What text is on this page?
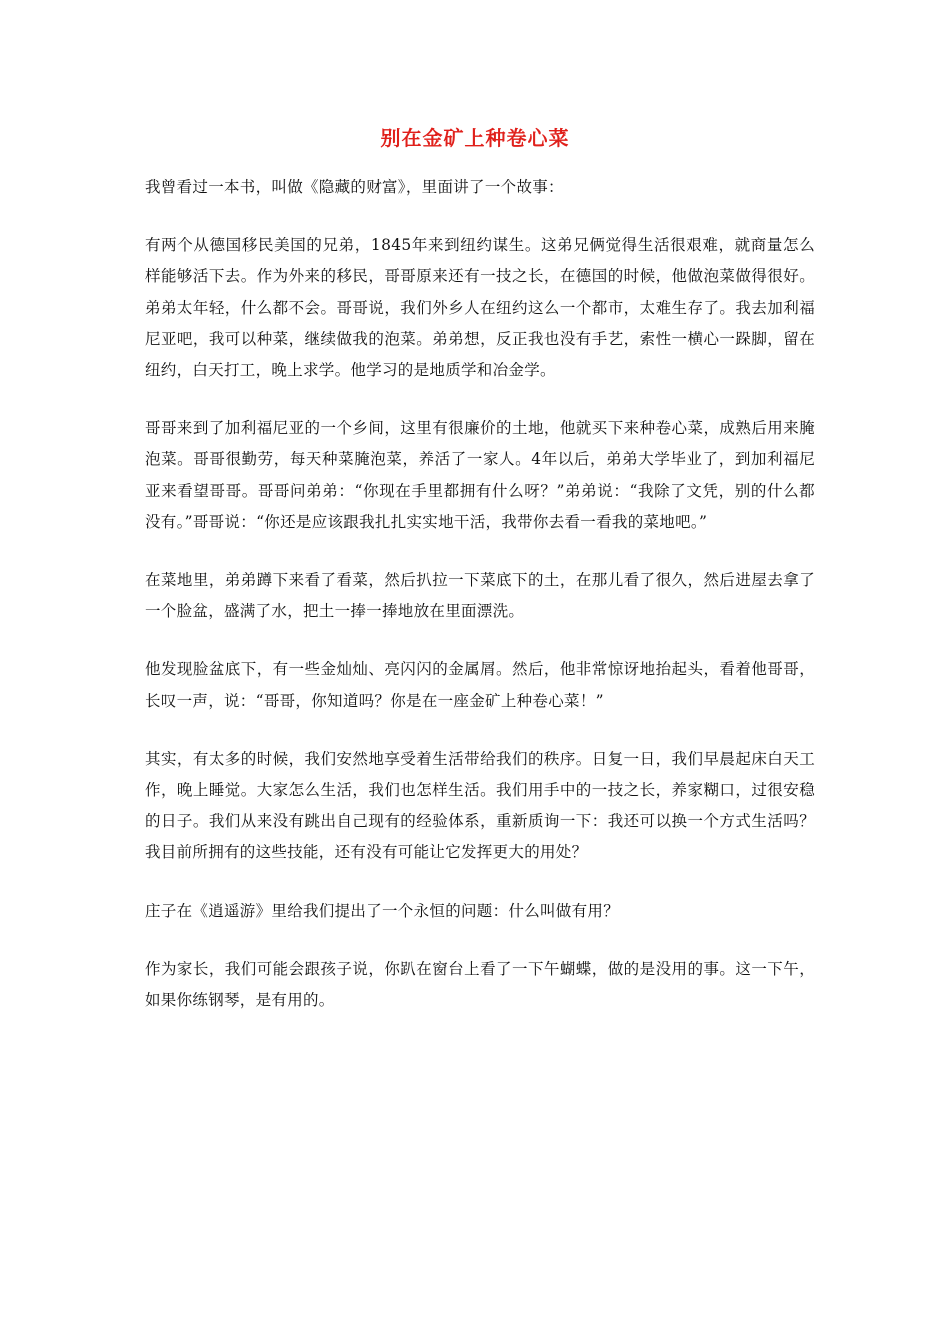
别在金矿上种卷心菜

我曾看过一本书，叫做《隐藏的财富》，里面讲了一个故事：

有两个从德国移民美国的兄弟，1845年来到纽约谋生。这弟兄俩觉得生活很艰难，就商量怎么样能够活下去。作为外来的移民，哥哥原来还有一技之长，在德国的时候，他做泡菜做得很好。弟弟太年轻，什么都不会。哥哥说，我们外乡人在纽约这么一个都市，太难生存了。我去加利福尼亚吧，我可以种菜，继续做我的泡菜。弟弟想，反正我也没有手艺，索性一横心一跺脚，留在纽约，白天打工，晚上求学。他学习的是地质学和冶金学。

哥哥来到了加利福尼亚的一个乡间，这里有很廉价的土地，他就买下来种卷心菜，成熟后用来腌泡菜。哥哥很勤劳，每天种菜腌泡菜，养活了一家人。4年以后，弟弟大学毕业了，到加利福尼亚来看望哥哥。哥哥问弟弟：“你现在手里都拥有什么呀？”弟弟说：“我除了文凭，别的什么都没有。”哥哥说：“你还是应该跟我扎扎实实地干活，我带你去看一看我的菜地吧。”

在菜地里，弟弟蹲下来看了看菜，然后扒拉一下菜底下的土，在那儿看了很久，然后进屋去拿了一个脸盆，盛满了水，把土一捧一捧地放在里面漂洗。

他发现脸盆底下，有一些金灿灿、亮闪闪的金属屑。然后，他非常惊讶地抬起头，看着他哥哥，长叹一声，说：“哥哥，你知道吗？你是在一座金矿上种卷心菜！”

其实，有太多的时候，我们安然地享受着生活带给我们的秩序。日复一日，我们早晨起床白天工作，晚上睡觉。大家怎么生活，我们也怎样生活。我们用手中的一技之长，养家糊口，过很安稳的日子。我们从来没有跳出自己现有的经验体系，重新质询一下：我还可以换一个方式生活吗？我目前所拥有的这些技能，还有没有可能让它发挥更大的用处？

庄子在《逍遥游》里给我们提出了一个永恒的问题：什么叫做有用？

作为家长，我们可能会跟孩子说，你趴在窗台上看了一下午蝴蝶，做的是没用的事。这一下午，如果你练钢琴，是有用的。
